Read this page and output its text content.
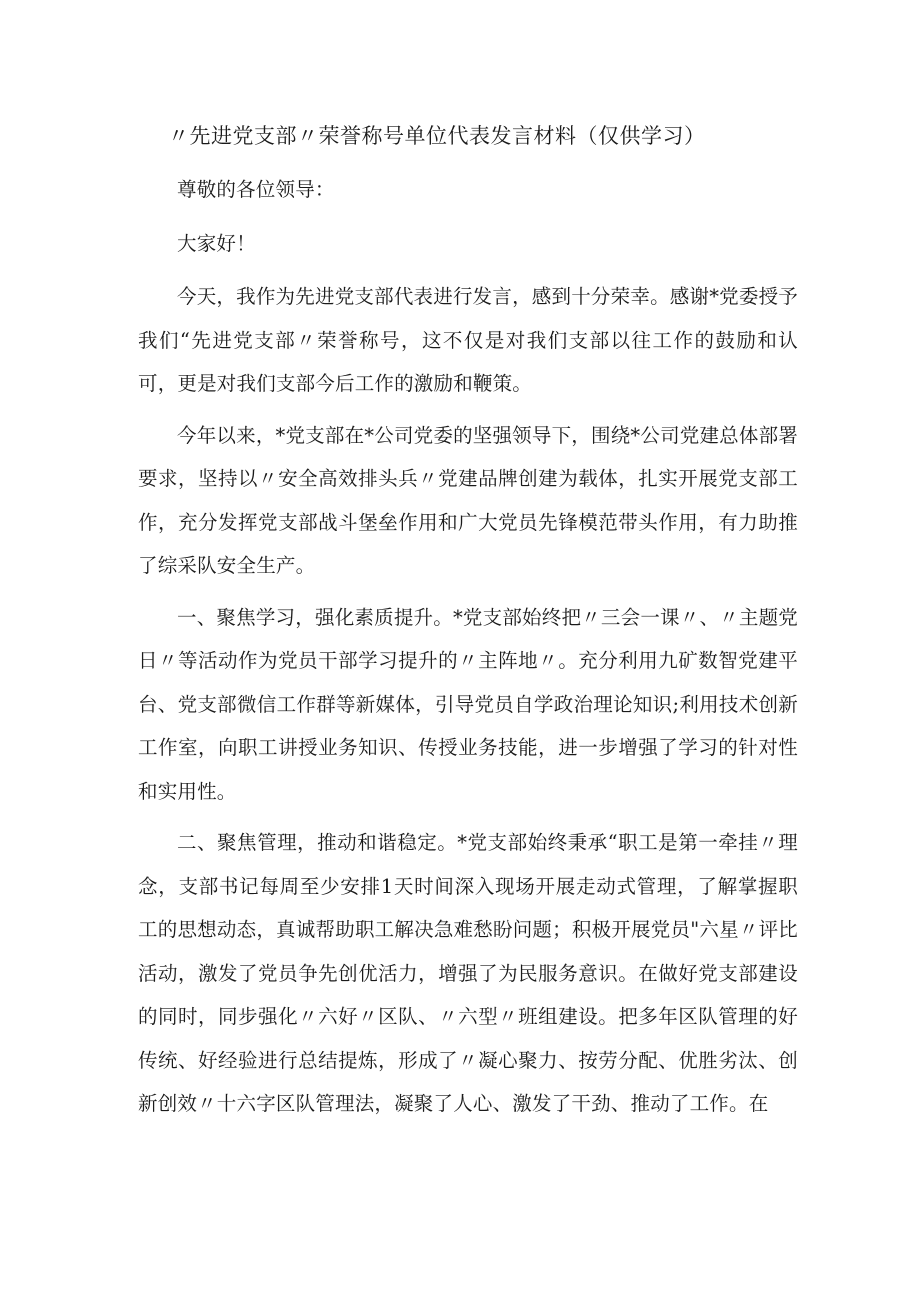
〃先进党支部〃荣誉称号单位代表发言材料（仅供学习）

尊敬的各位领导：

大家好！

今天，我作为先进党支部代表进行发言，感到十分荣幸。感谢*党委授予我们“先进党支部〃荣誉称号，这不仅是对我们支部以往工作的鼓励和认可，更是对我们支部今后工作的激励和鞭策。

今年以来，*党支部在*公司党委的坚强领导下，围绕*公司党建总体部署要求，坚持以〃安全高效排头兵〃党建品牌创建为载体，扎实开展党支部工作，充分发挥党支部战斗堡垒作用和广大党员先锋模范带头作用，有力助推了综采队安全生产。

一、聚焦学习，强化素质提升。*党支部始终把〃三会一课〃、〃主题党日〃等活动作为党员干部学习提升的〃主阵地〃。充分利用九矿数智党建平台、党支部微信工作群等新媒体，引导党员自学政治理论知识;利用技术创新工作室，向职工讲授业务知识、传授业务技能，进一步增强了学习的针对性和实用性。

二、聚焦管理，推动和谐稳定。*党支部始终秉承“职工是第一牵挂〃理念，支部书记每周至少安排1天时间深入现场开展走动式管理，了解掌握职工的思想动态，真诚帮助职工解决急难愁盼问题；积极开展党员"六星〃评比活动，激发了党员争先创优活力，增强了为民服务意识。在做好党支部建设的同时，同步强化〃六好〃区队、〃六型〃班组建设。把多年区队管理的好传统、好经验进行总结提炼，形成了〃凝心聚力、按劳分配、优胜劣汰、创新创效〃十六字区队管理法，凝聚了人心、激发了干劲、推动了工作。在
